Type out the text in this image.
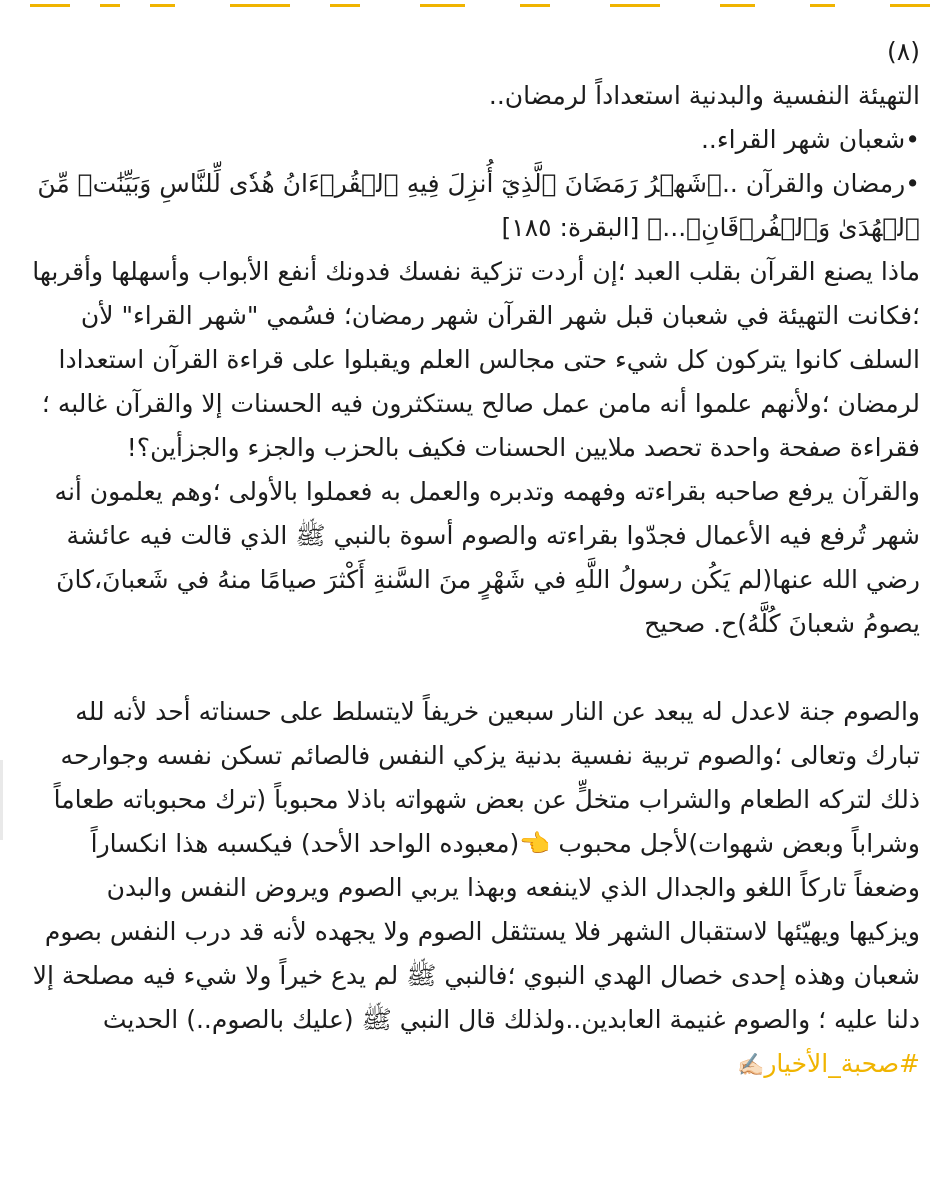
(٨)

التهيئة النفسية والبدنية استعداداً لرمضان..

•شعبان شهر القراء..

•رمضان والقرآن ..﴿شَهۡرُ رَمَضَانَ ٱلَّذِيٓ أُنزِلَ فِيهِ ٱلۡقُرۡءَانُ هُدٗى لِّلنَّاسِ وَبَيِّنَٰتٖ مِّنَ ٱلۡهُدَىٰ وَٱلۡفُرۡقَانِۚ...﴾ [البقرة: ١٨٥]

ماذا يصنع القرآن بقلب العبد ؛إن أردت تزكية نفسك فدونك أنفع الأبواب وأسهلها وأقربها ؛فكانت التهيئة في شعبان قبل شهر القرآن شهر رمضان؛ فسُمي "شهر القراء" لأن السلف كانوا يتركون كل شيء حتى مجالس العلم ويقبلوا على قراءة القرآن استعدادا لرمضان ؛ولأنهم علموا أنه مامن عمل صالح يستكثرون فيه الحسنات إلا والقرآن غالبه ؛فقراءة صفحة واحدة تحصد ملايين الحسنات فكيف بالحزب والجزء والجزأين؟!

والقرآن يرفع صاحبه بقراءته وفهمه وتدبره والعمل به فعملوا بالأولى ؛وهم يعلمون أنه شهر تُرفع فيه الأعمال فجدّوا بقراءته والصوم أسوة بالنبي ﷺ الذي قالت فيه عائشة رضي الله عنها(لم يَكُن رسولُ اللَّهِ في شَهْرٍ منَ السَّنةِ أَكْثرَ صيامًا منهُ في شَعبانَ،كانَ يصومُ شعبانَ كُلَّهُ)ح. صحيح

والصوم جنة لاعدل له يبعد عن النار سبعين خريفاً لايتسلط على حسناته أحد لأنه لله تبارك وتعالى ؛والصوم تربية نفسية بدنية يزكي النفس فالصائم تسكن نفسه وجوارحه ذلك لتركه الطعام والشراب متخلٍّ عن بعض شهواته باذلا محبوباً (ترك محبوباته طعاماً وشراباً وبعض شهوات)لأجل محبوب 👈(معبوده الواحد الأحد) فيكسبه هذا انكساراً وضعفاً تاركاً اللغو والجدال الذي لاينفعه وبهذا يربي الصوم ويروض النفس والبدن ويزكيها ويهيّئها لاستقبال الشهر فلا يستثقل الصوم ولا يجهده لأنه قد درب النفس بصوم شعبان وهذه إحدى خصال الهدي النبوي ؛فالنبي ﷺ لم يدع خيراً ولا شيء فيه مصلحة إلا دلنا عليه ؛ والصوم غنيمة العابدين..ولذلك قال النبي ﷺ (عليك بالصوم..) الحديث

#صحبة_الأخيار✍🏻
